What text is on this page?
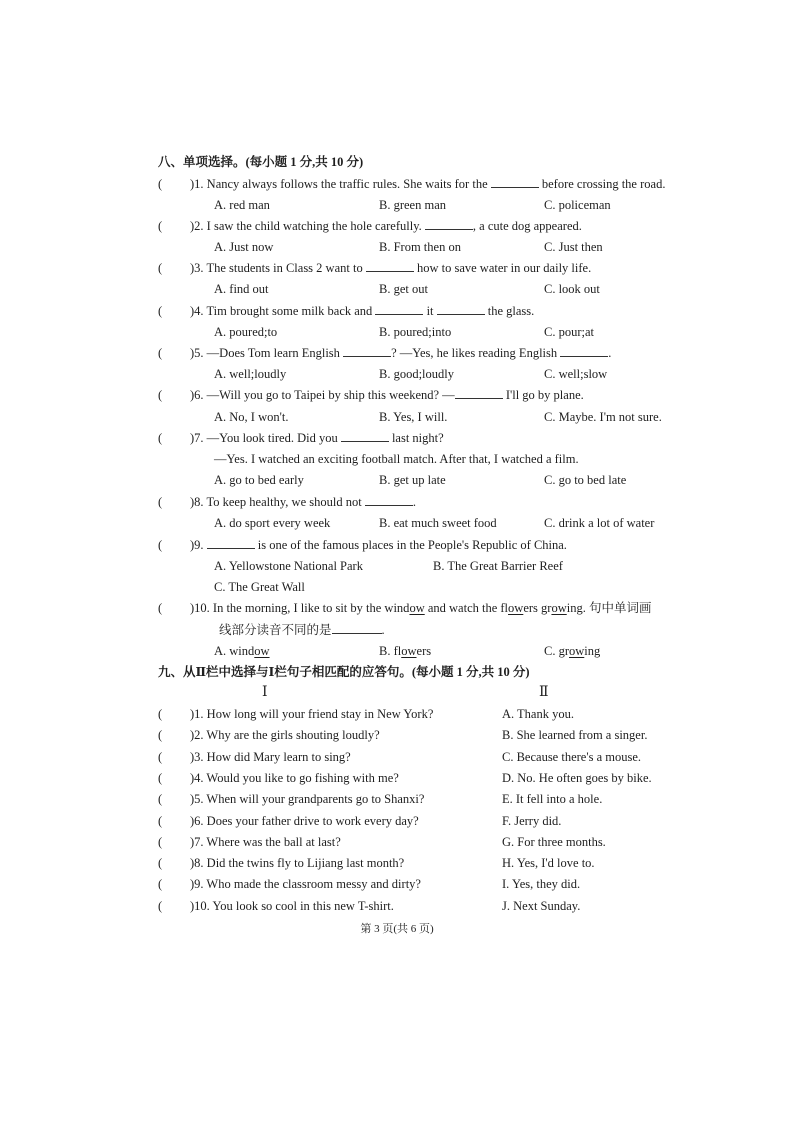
八、单项选择。(每小题 1 分,共 10 分)
( )1. Nancy always follows the traffic rules. She waits for the	before crossing the road.
A. red man	B. green man	C. policeman
( )2. I saw the child watching the hole carefully.	, a cute dog appeared.
A. Just now	B. From then on	C. Just then
( )3. The students in Class 2 want to	how to save water in our daily life.
A. find out	B. get out	C. look out
( )4. Tim brought some milk back and	it	the glass.
A. poured;to	B. poured;into	C. pour;at
( )5. —Does Tom learn English	? —Yes, he likes reading English	.
A. well;loudly	B. good;loudly	C. well;slow
( )6. —Will you go to Taipei by ship this weekend? —	I'll go by plane.
A. No, I won't.	B. Yes, I will.	C. Maybe. I'm not sure.
( )7. —You look tired. Did you	last night?
—Yes. I watched an exciting football match. After that, I watched a film.
A. go to bed early	B. get up late	C. go to bed late
( )8. To keep healthy, we should not	.
A. do sport every week	B. eat much sweet food	C. drink a lot of water
( )9.	is one of the famous places in the People's Republic of China.
A. Yellowstone National Park	B. The Great Barrier Reef
C. The Great Wall
( )10. In the morning, I like to sit by the window and watch the flowers growing. 句中单词画
线部分读音不同的是	.
A. window	B. flowers	C. growing
九、从Ⅱ栏中选择与Ⅰ栏句子相匹配的应答句。(每小题 1 分,共 10 分)
Ⅰ	Ⅱ
( )1. How long will your friend stay in New York?	A. Thank you.
( )2. Why are the girls shouting loudly?	B. She learned from a singer.
( )3. How did Mary learn to sing?	C. Because there's a mouse.
( )4. Would you like to go fishing with me?	D. No. He often goes by bike.
( )5. When will your grandparents go to Shanxi?	E. It fell into a hole.
( )6. Does your father drive to work every day?	F. Jerry did.
( )7. Where was the ball at last?	G. For three months.
( )8. Did the twins fly to Lijiang last month?	H. Yes, I'd love to.
( )9. Who made the classroom messy and dirty?	I. Yes, they did.
( )10. You look so cool in this new T-shirt.	J. Next Sunday.
第 3 页(共 6 页)
